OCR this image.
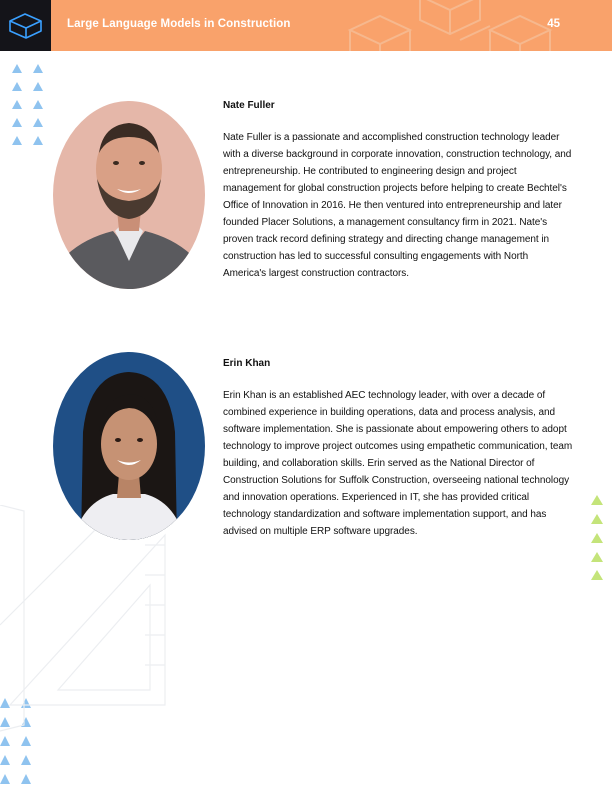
Large Language Models in Construction	45

Nate Fuller

Nate Fuller is a passionate and accomplished construction technology leader with a diverse background in corporate innovation, construction technology, and entrepreneurship. He contributed to engineering design and project management for global construction projects before helping to create Bechtel's Office of Innovation in 2016. He then ventured into entrepreneurship and later founded Placer Solutions, a management consultancy firm in 2021. Nate's proven track record defining strategy and directing change management in construction has led to successful consulting engagements with North America's largest construction contractors.

Erin Khan

Erin Khan is an established AEC technology leader, with over a decade of combined experience in building operations, data and process analysis, and software implementation. She is passionate about empowering others to adopt technology to improve project outcomes using empathetic communication, team building, and collaboration skills. Erin served as the National Director of Construction Solutions for Suffolk Construction, overseeing national technology and innovation operations. Experienced in IT, she has provided critical technology standardization and software implementation support, and has advised on multiple ERP software upgrades.
